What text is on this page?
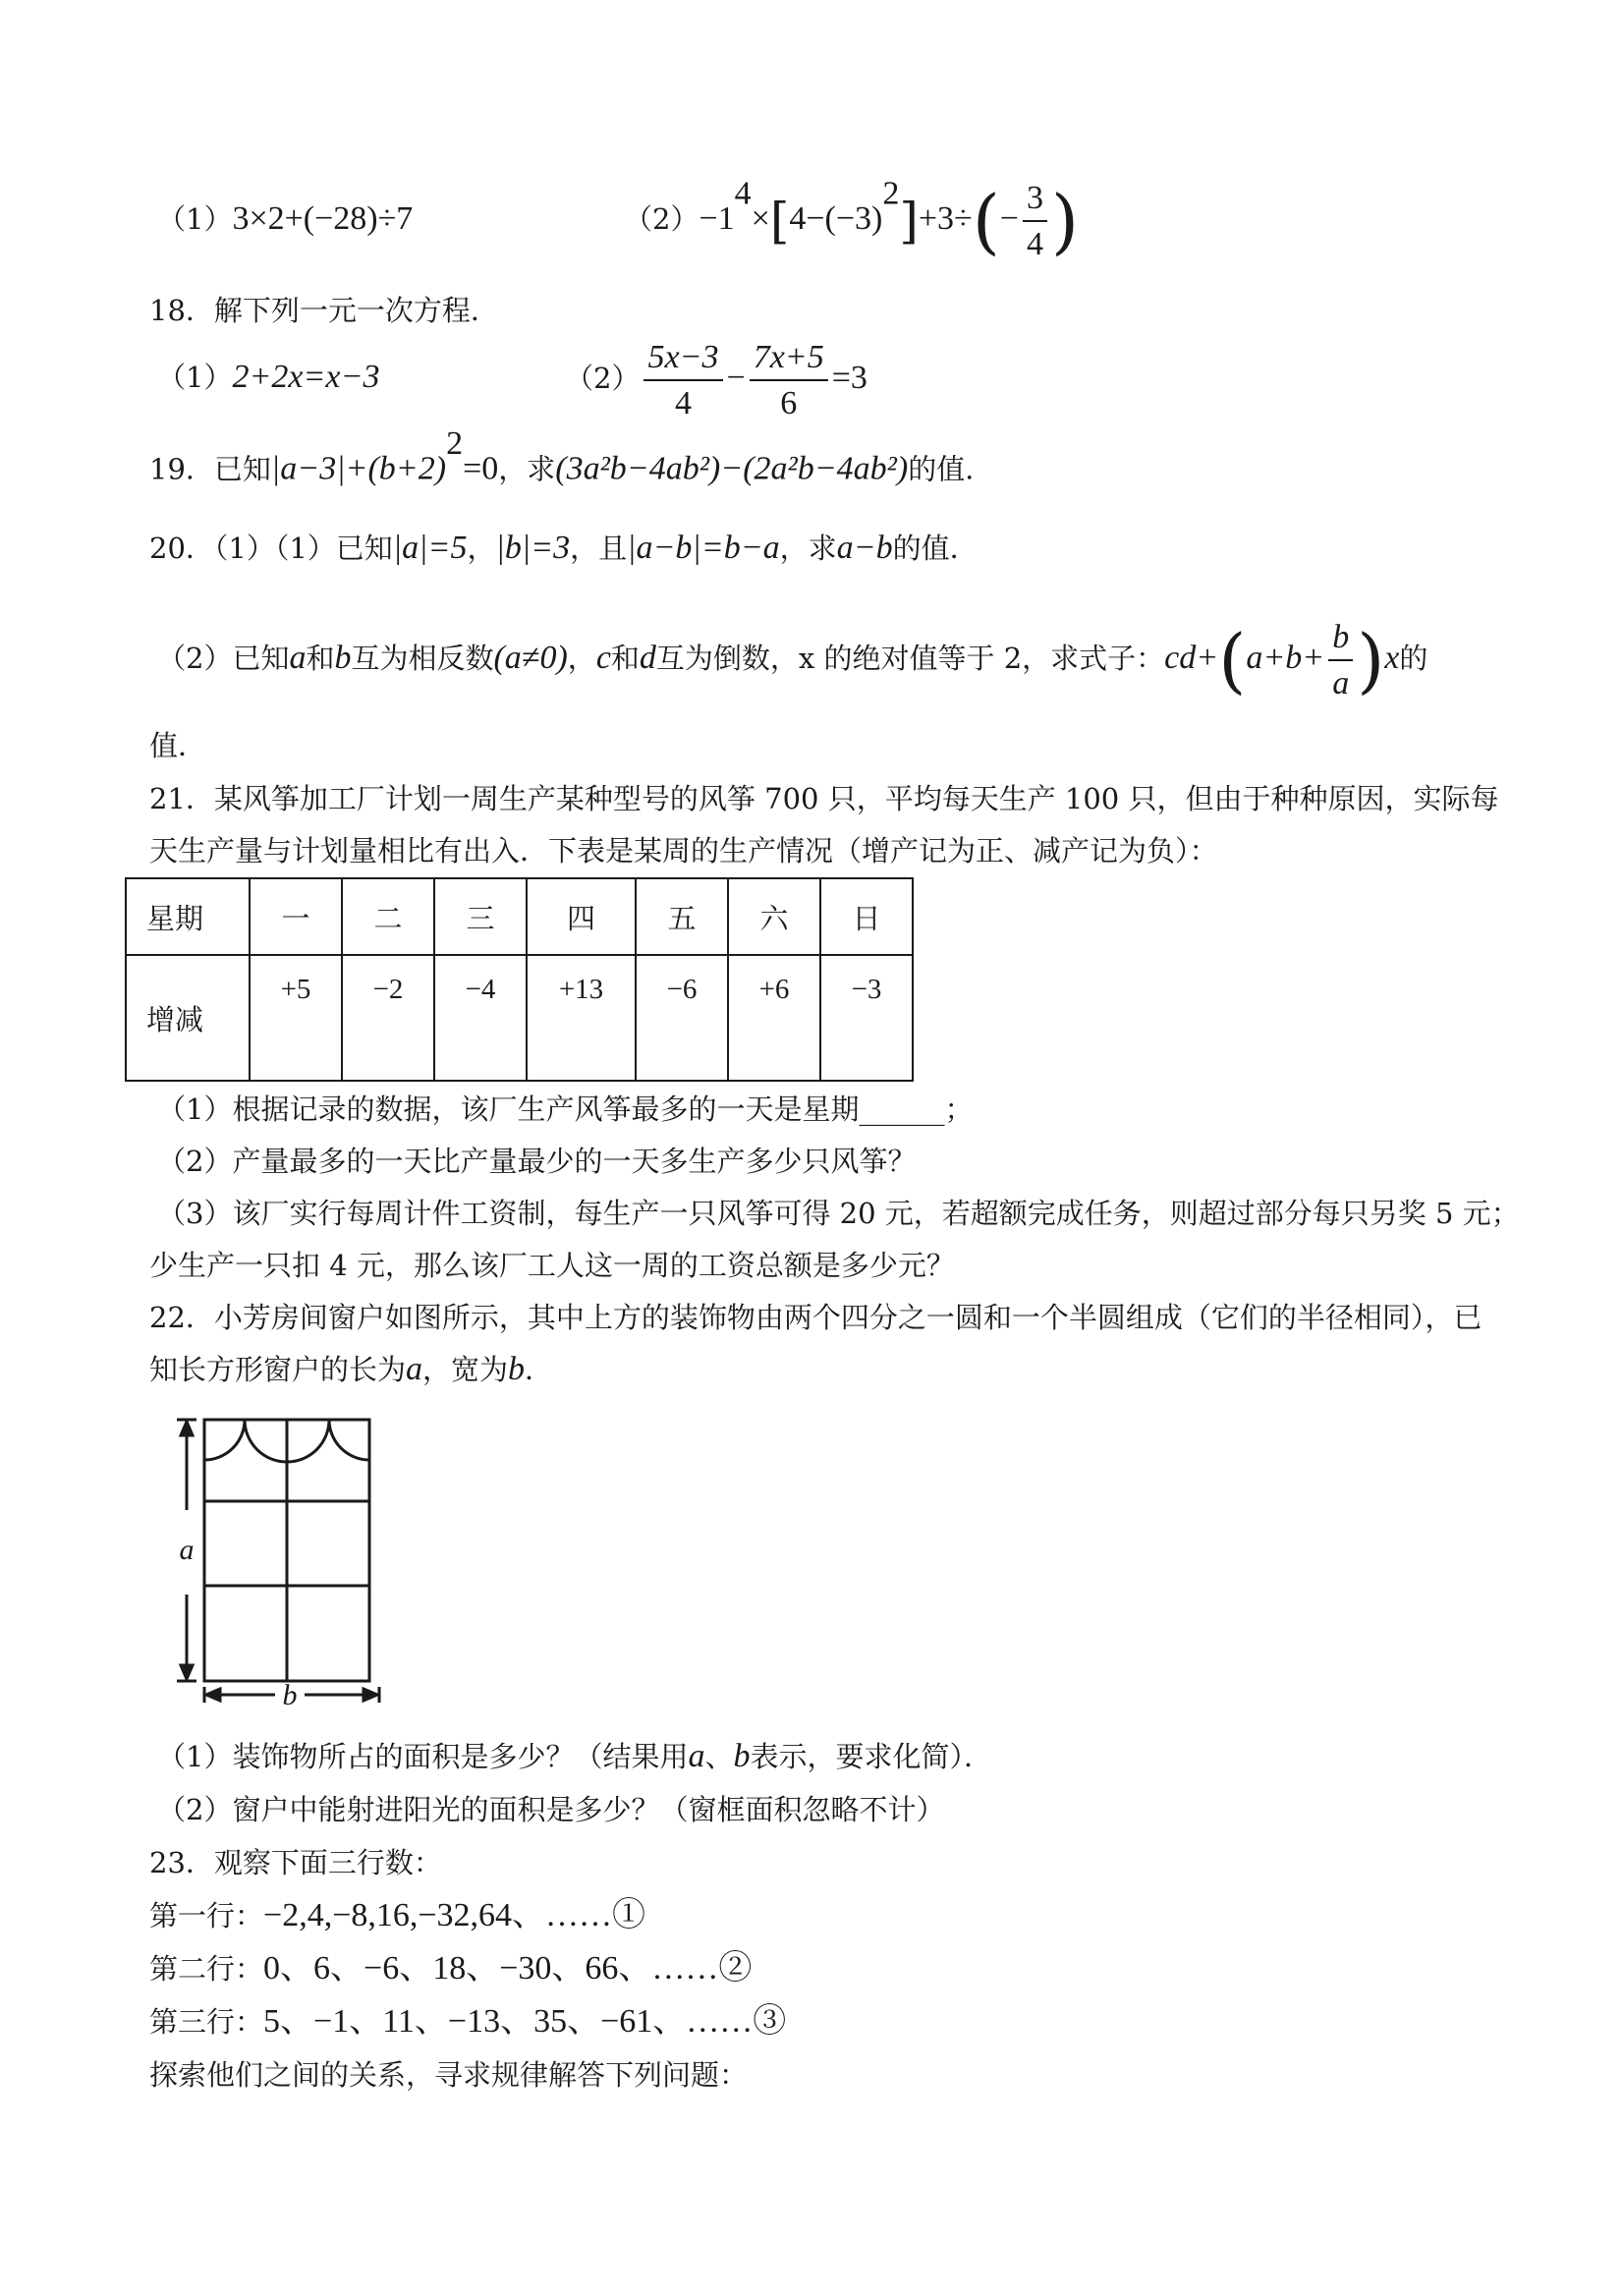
（1）3×2+(−28)÷7	$(2)-1^4\times[4-(-3)^2]+3\div(- \frac{3}{4}$ )
18．解下列一元一次方程．
（1）2+2x=x−3	$(2) \frac{5x-3}{4} - \frac{7x+5}{6} =3$
19．已知$|a-3|+(b+2)^2=0$，求(3a²b−4ab²)−(2a²b−4ab²)的值．
20．（1）（1）已知|a|=5，|b|=3，且|a−b|=b−a，求a−b的值．
（2）已知a和b互为相反数(a≠0)，c和d互为倒数，x 的绝对值等于 2，求式子：$cd+(a+b+ \frac{b}{a} )x$的
值．
21．某风筝加工厂计划一周生产某种型号的风筝 700 只，平均每天生产 100 只，但由于种种原因，实际每
天生产量与计划量相比有出入．下表是某周的生产情况（增产记为正、减产记为负）：
星期	一	二	三	四	五	六	日
增减	+5	−2	−4	+13	−6	+6	−3
（1）根据记录的数据，该厂生产风筝最多的一天是星期______；
（2）产量最多的一天比产量最少的一天多生产多少只风筝？
（3）该厂实行每周计件工资制，每生产一只风筝可得 20 元，若超额完成任务，则超过部分每只另奖 5 元；
少生产一只扣 4 元，那么该厂工人这一周的工资总额是多少元？
22．小芳房间窗户如图所示，其中上方的装饰物由两个四分之一圆和一个半圆组成（它们的半径相同），已
知长方形窗户的长为a，宽为b．
a
b
（1）装饰物所占的面积是多少？（结果用a、b表示，要求化简）．
（2）窗户中能射进阳光的面积是多少？（窗框面积忽略不计）
23．观察下面三行数：
第一行：−2,4,−8,16,−32,64、……①
第二行：0、6、−6、18、−30、66、……②
第三行：5、−1、11、−13、35、−61、……③
探索他们之间的关系，寻求规律解答下列问题：
